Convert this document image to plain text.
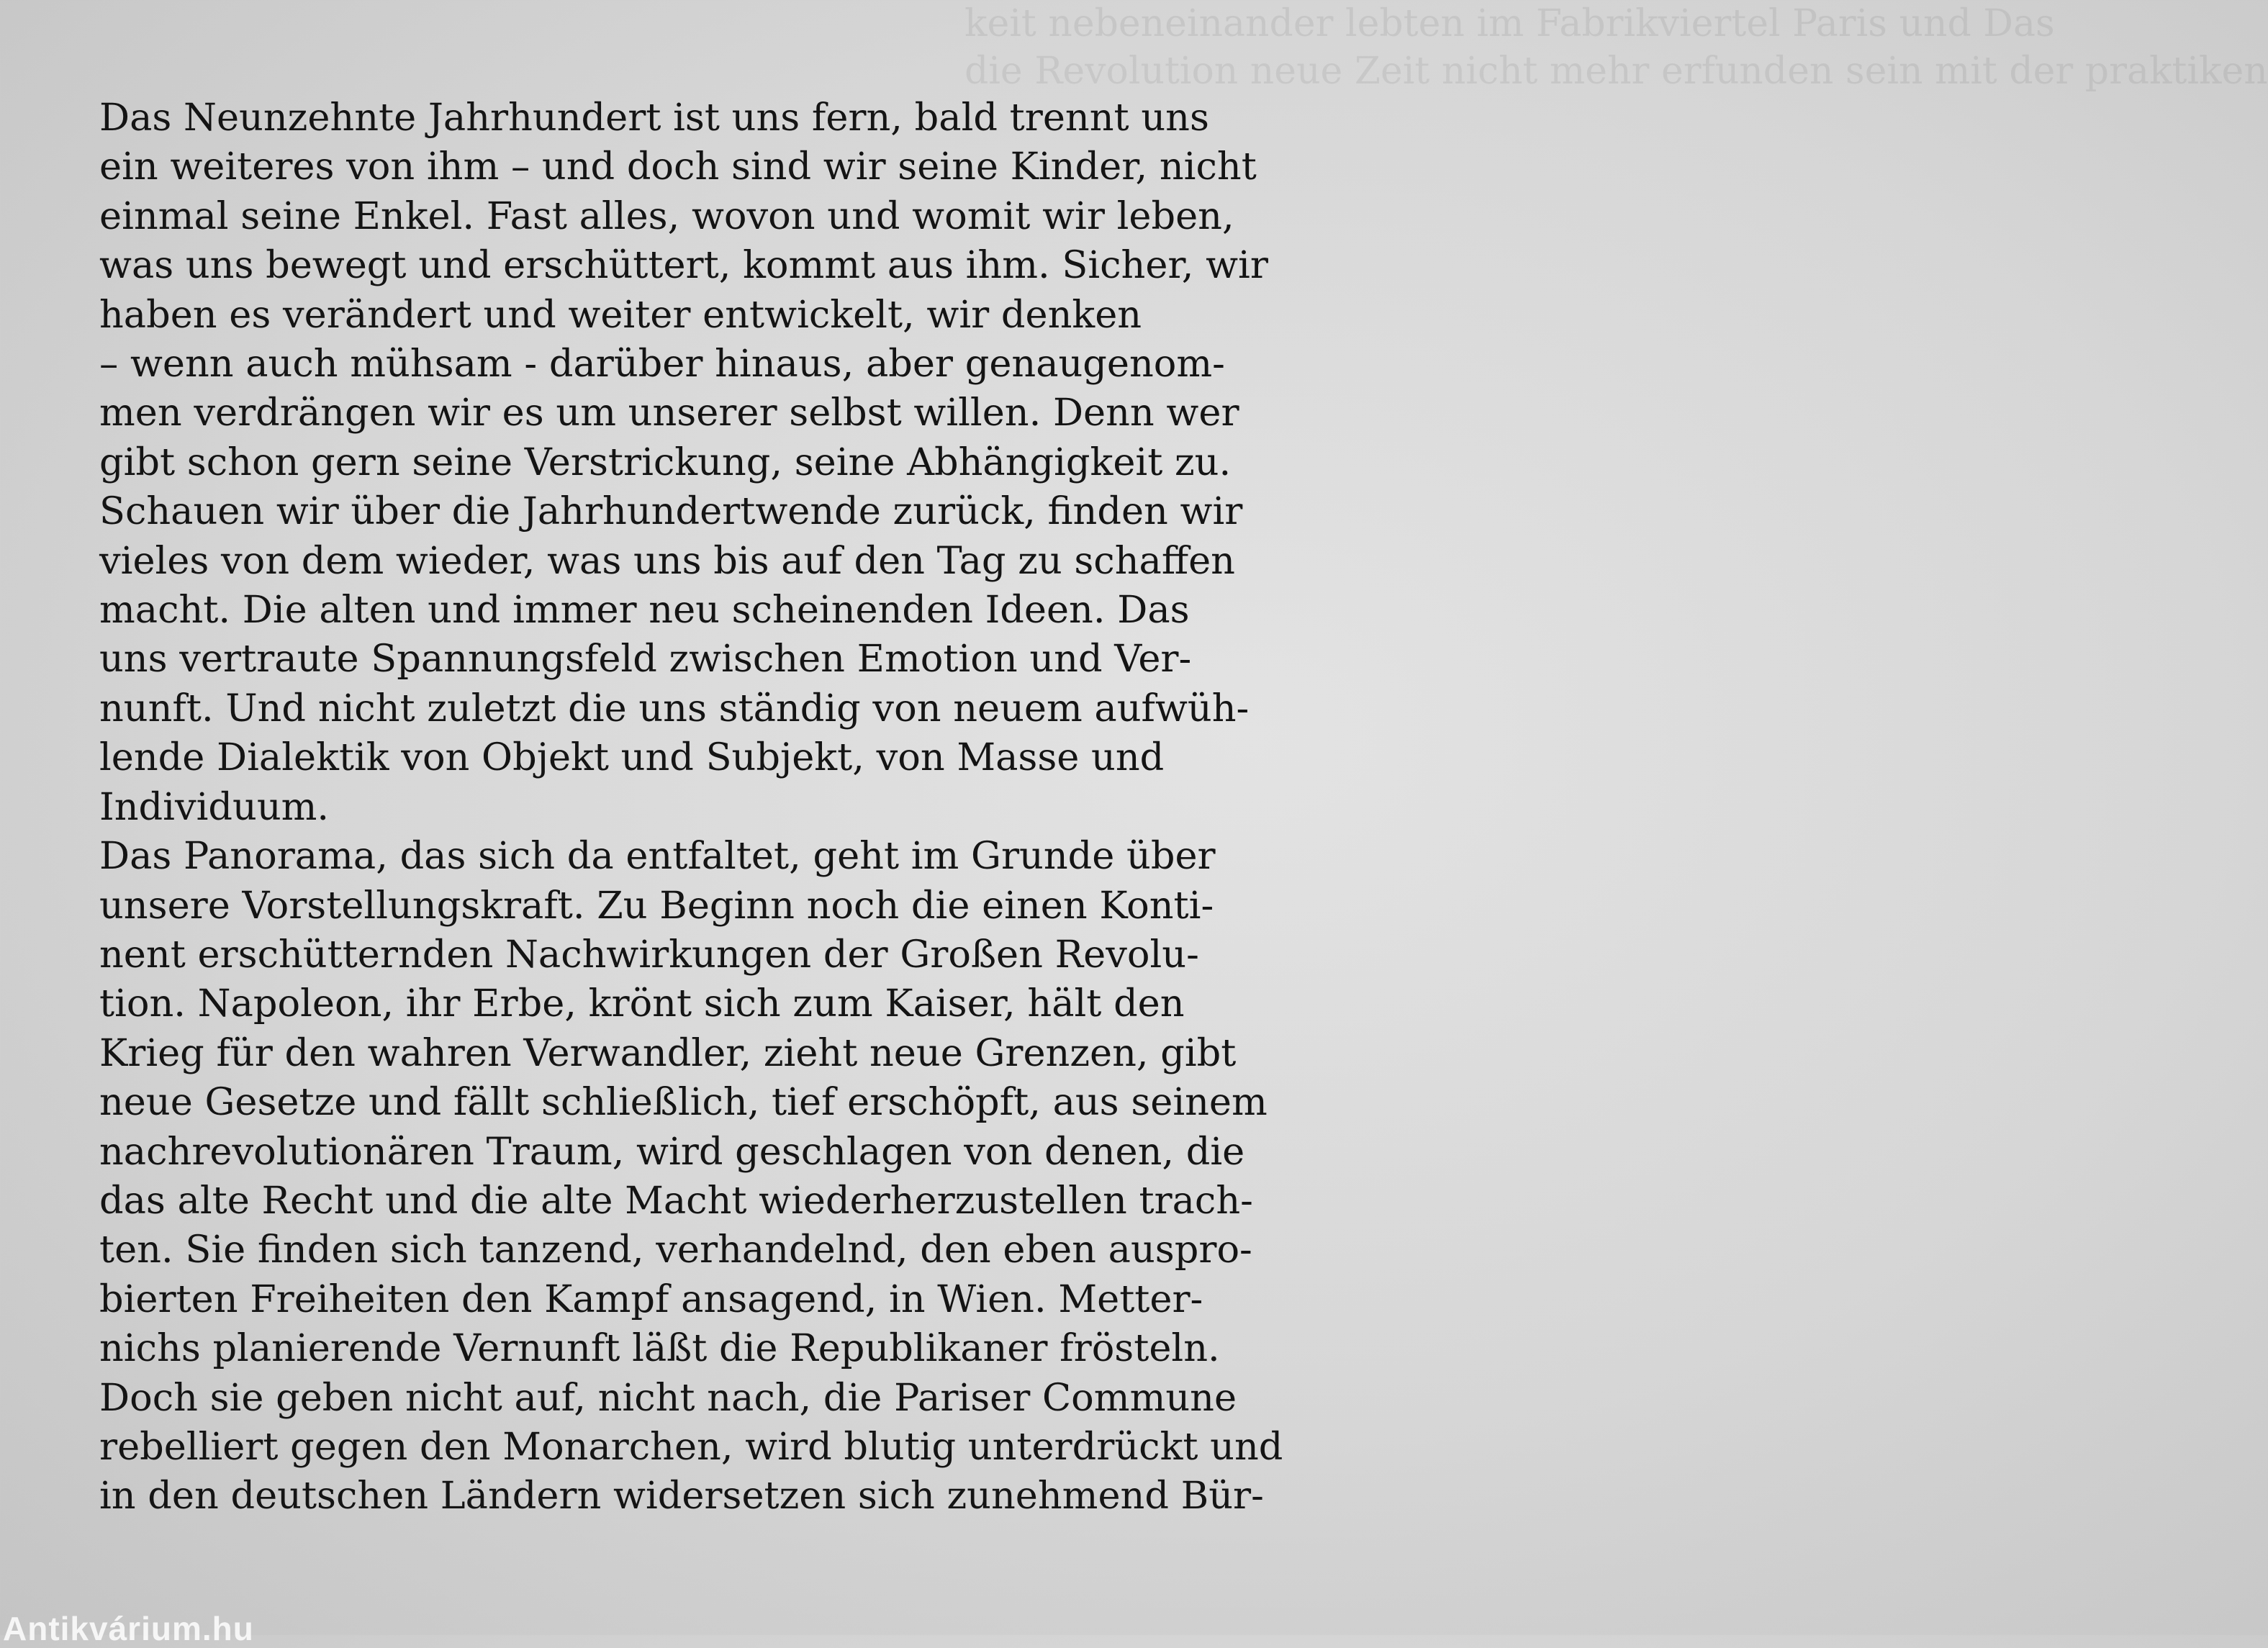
keit nebeneinander lebten im Fabrikviertel Paris und Das
die Revolution neue Zeit nicht mehr erfunden sein mit der praktiken

Das Neunzehnte Jahrhundert ist uns fern, bald trennt uns
ein weiteres von ihm – und doch sind wir seine Kinder, nicht
einmal seine Enkel. Fast alles, wovon und womit wir leben,
was uns bewegt und erschüttert, kommt aus ihm. Sicher, wir
haben es verändert und weiter entwickelt, wir denken
– wenn auch mühsam - darüber hinaus, aber genaugenom-
men verdrängen wir es um unserer selbst willen. Denn wer
gibt schon gern seine Verstrickung, seine Abhängigkeit zu.
Schauen wir über die Jahrhundertwende zurück, finden wir
vieles von dem wieder, was uns bis auf den Tag zu schaffen
macht. Die alten und immer neu scheinenden Ideen. Das
uns vertraute Spannungsfeld zwischen Emotion und Ver-
nunft. Und nicht zuletzt die uns ständig von neuem aufwüh-
lende Dialektik von Objekt und Subjekt, von Masse und
Individuum.

Das Panorama, das sich da entfaltet, geht im Grunde über
unsere Vorstellungskraft. Zu Beginn noch die einen Konti-
nent erschütternden Nachwirkungen der Großen Revolu-
tion. Napoleon, ihr Erbe, krönt sich zum Kaiser, hält den
Krieg für den wahren Verwandler, zieht neue Grenzen, gibt
neue Gesetze und fällt schließlich, tief erschöpft, aus seinem
nachrevolutionären Traum, wird geschlagen von denen, die
das alte Recht und die alte Macht wiederherzustellen trach-
ten. Sie finden sich tanzend, verhandelnd, den eben auspro-
bierten Freiheiten den Kampf ansagend, in Wien. Metter-
nichs planierende Vernunft läßt die Republikaner frösteln.
Doch sie geben nicht auf, nicht nach, die Pariser Commune
rebelliert gegen den Monarchen, wird blutig unterdrückt und
in den deutschen Ländern widersetzen sich zunehmend Bür-

Antikvárium.hu
